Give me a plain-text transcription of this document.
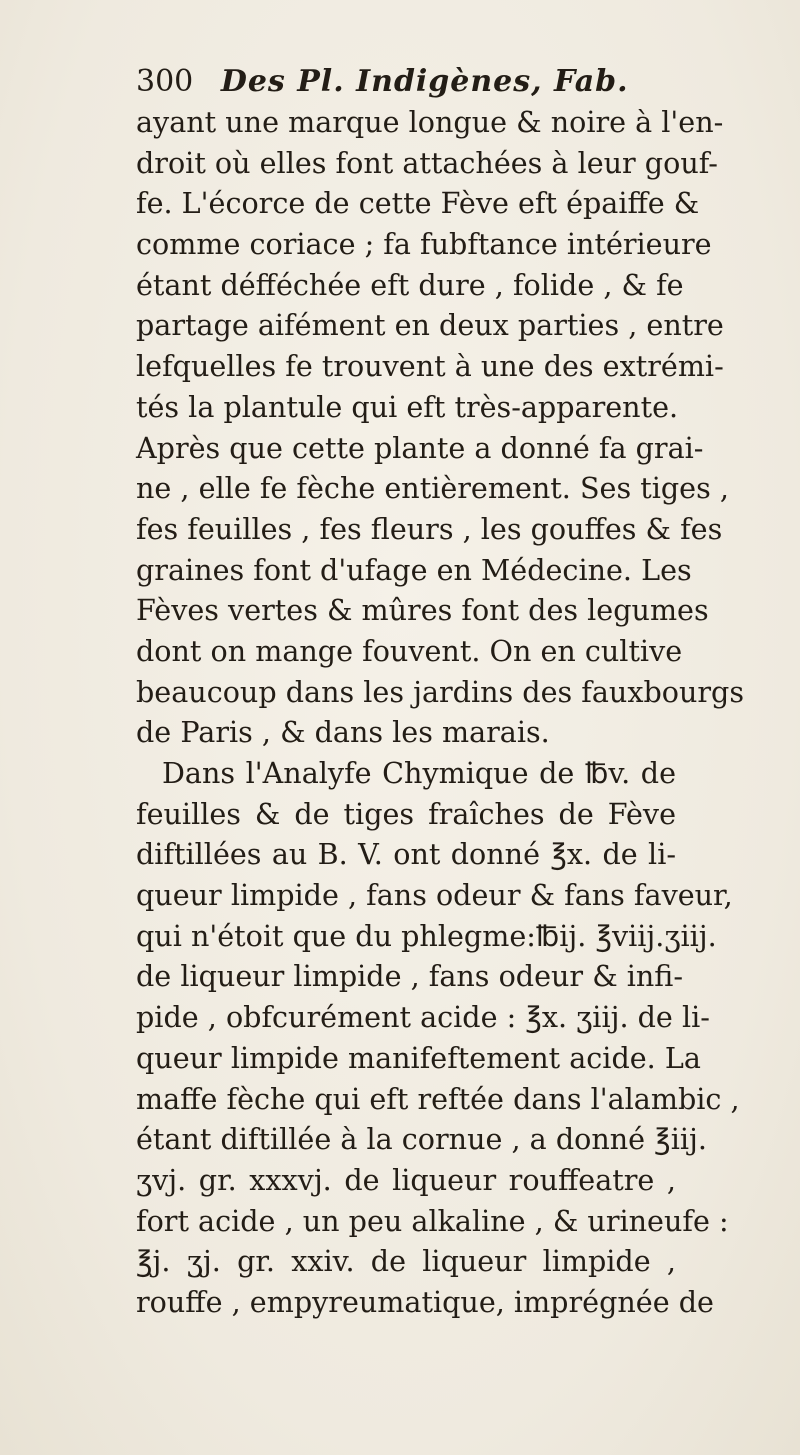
300 Des Pl. Indigènes, Fab.
ayant une marque longue & noire à l'en-
droit où elles font attachées à leur gouf-
fe. L'écorce de cette Fève eft épaiffe &
comme coriace ; fa fubftance intérieure
étant défféchée eft dure , folide , & fe
partage aifément en deux parties , entre
lefquelles fe trouvent à une des extrémi-
tés la plantule qui eft très-apparente.
Après que cette plante a donné fa grai-
ne , elle fe fèche entièrement. Ses tiges ,
fes feuilles , fes fleurs , les gouffes & fes
graines font d'ufage en Médecine. Les
Fèves vertes & mûres font des legumes
dont on mange fouvent. On en cultive
beaucoup dans les jardins des fauxbourgs
de Paris , & dans les marais.
Dans l'Analyfe Chymique de ℔v. de
feuilles & de tiges fraîches de Fève
diftillées au B. V. ont donné ℥x. de li-
queur limpide , fans odeur & fans faveur,
qui n'étoit que du phlegme:℔ij. ℥viij.ʒiij.
de liqueur limpide , fans odeur & infi-
pide , obfcurément acide : ℥x. ʒiij. de li-
queur limpide manifeftement acide. La
maffe fèche qui eft reftée dans l'alambic ,
étant diftillée à la cornue , a donné ℥iij.
ʒvj. gr. xxxvj. de liqueur rouffeatre ,
fort acide , un peu alkaline , & urineufe :
℥j. ʒj. gr. xxiv. de liqueur limpide ,
rouffe , empyreumatique, imprégnée de
